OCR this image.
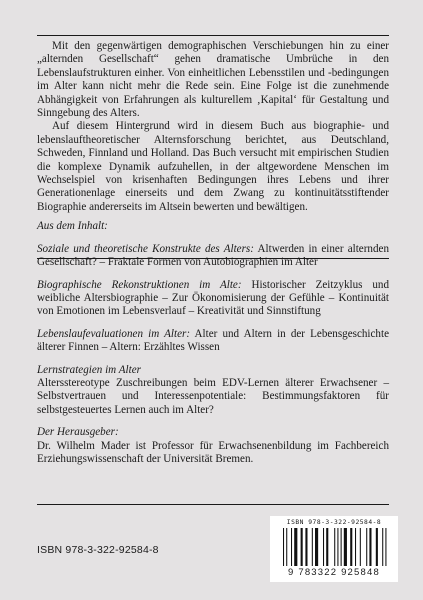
Mit den gegenwärtigen demographischen Verschiebungen hin zu einer „alternden Gesellschaft“ gehen dramatische Umbrüche in den Lebenslaufstrukturen einher. Von einheitlichen Lebensstilen und -bedingungen im Alter kann nicht mehr die Rede sein. Eine Folge ist die zunehmende Abhängigkeit von Erfahrungen als kulturellem ‚Kapital‘ für Gestaltung und Sinngebung des Alters.

Auf diesem Hintergrund wird in diesem Buch aus biographie- und lebenslauftheoretischer Alternsforschung berichtet, aus Deutschland, Schweden, Finnland und Holland. Das Buch versucht mit empirischen Studien die komplexe Dynamik aufzuhellen, in der altgewordene Menschen im Wechselspiel von krisenhaften Bedingungen ihres Lebens und ihrer Generationenlage einerseits und dem Zwang zu kontinuitätsstiftender Biographie andererseits im Altsein bewerten und bewältigen.

Aus dem Inhalt:

Soziale und theoretische Konstrukte des Alters: Altwerden in einer alternden Gesellschaft? – Fraktale Formen von Autobiographien im Alter

Biographische Rekonstruktionen im Alte: Historischer Zeitzyklus und weibliche Altersbiographie – Zur Ökonomisierung der Gefühle – Kontinuität von Emotionen im Lebensverlauf – Kreativität und Sinnstiftung

Lebenslaufevaluationen im Alter: Alter und Altern in der Lebensgeschichte älterer Finnen – Altern: Erzähltes Wissen

Lernstrategien im Alter
Altersstereotype Zuschreibungen beim EDV-Lernen älterer Erwachsener – Selbstvertrauen und Interessenpotentiale: Bestimmungsfaktoren für selbstgesteuertes Lernen auch im Alter?

Der Herausgeber:

Dr. Wilhelm Mader ist Professor für Erwachsenenbildung im Fachbereich Erziehungswissenschaft der Universität Bremen.

ISBN 978-3-322-92584-8
ISBN 978-3-322-92584-8
9 783322 925848
